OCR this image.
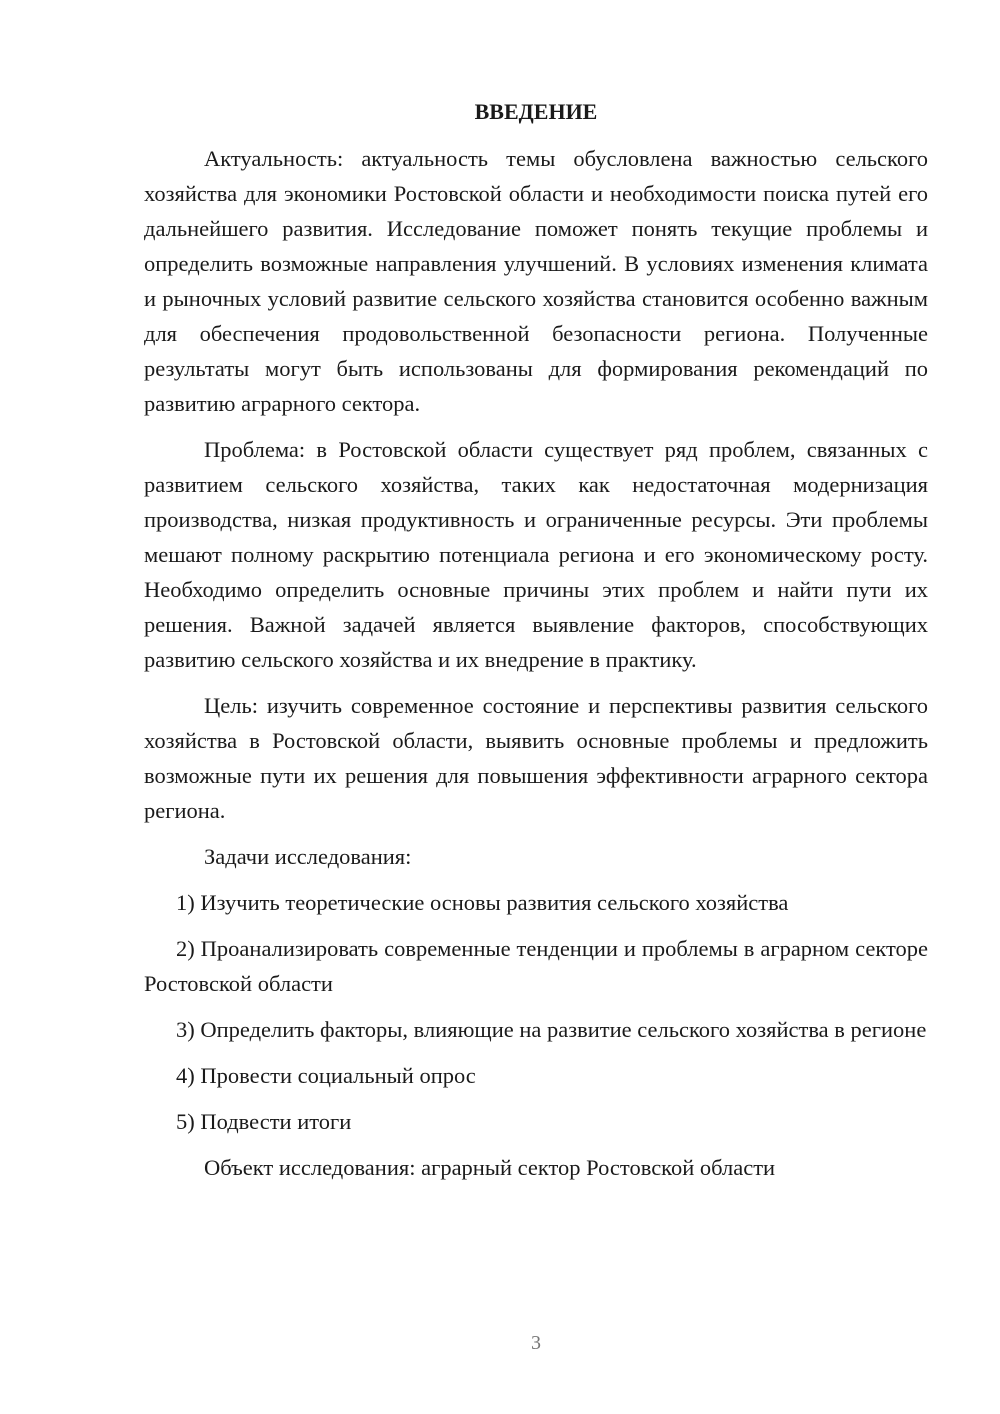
ВВЕДЕНИЕ

Актуальность: актуальность темы обусловлена важностью сельского хозяйства для экономики Ростовской области и необходимости поиска путей его дальнейшего развития. Исследование поможет понять текущие проблемы и определить возможные направления улучшений. В условиях изменения климата и рыночных условий развитие сельского хозяйства становится особенно важным для обеспечения продовольственной безопасности региона. Полученные результаты могут быть использованы для формирования рекомендаций по развитию аграрного сектора.

Проблема: в Ростовской области существует ряд проблем, связанных с развитием сельского хозяйства, таких как недостаточная модернизация производства, низкая продуктивность и ограниченные ресурсы. Эти проблемы мешают полному раскрытию потенциала региона и его экономическому росту. Необходимо определить основные причины этих проблем и найти пути их решения. Важной задачей является выявление факторов, способствующих развитию сельского хозяйства и их внедрение в практику.

Цель: изучить современное состояние и перспективы развития сельского хозяйства в Ростовской области, выявить основные проблемы и предложить возможные пути их решения для повышения эффективности аграрного сектора региона.

Задачи исследования:

1) Изучить теоретические основы развития сельского хозяйства

2) Проанализировать современные тенденции и проблемы в аграрном секторе Ростовской области

3) Определить факторы, влияющие на развитие сельского хозяйства в регионе

4) Провести социальный опрос

5) Подвести итоги

Объект исследования: аграрный сектор Ростовской области

3
